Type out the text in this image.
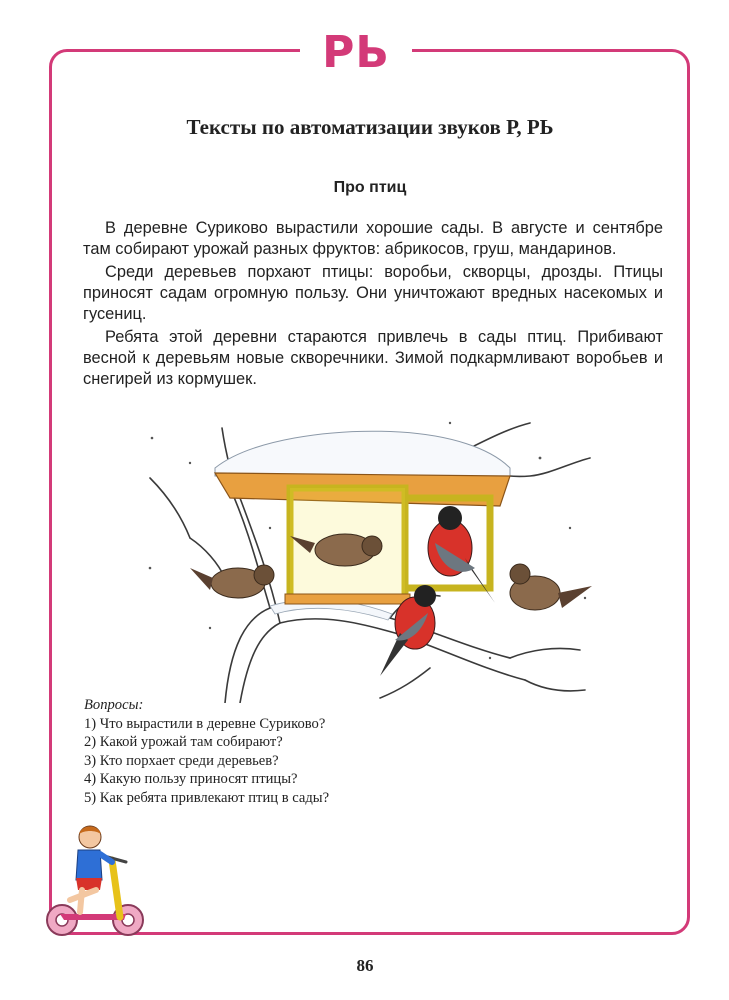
РЬ
Тексты по автоматизации звуков Р, РЬ
Про птиц

В деревне Суриково вырастили хорошие сады. В августе и сентябре там собирают урожай разных фруктов: абрикосов, груш, мандаринов.

Среди деревьев порхают птицы: воробьи, скворцы, дрозды. Птицы приносят садам огромную пользу. Они уничтожают вредных насекомых и гусениц.

Ребята этой деревни стараются привлечь в сады птиц. Прибивают весной к деревьям новые скворечники. Зимой подкармливают воробьев и снегирей из кормушек.

Вопросы:
1) Что вырастили в деревне Суриково?
2) Какой урожай там собирают?
3) Кто порхает среди деревьев?
4) Какую пользу приносят птицы?
5) Как ребята привлекают птиц в сады?
86
